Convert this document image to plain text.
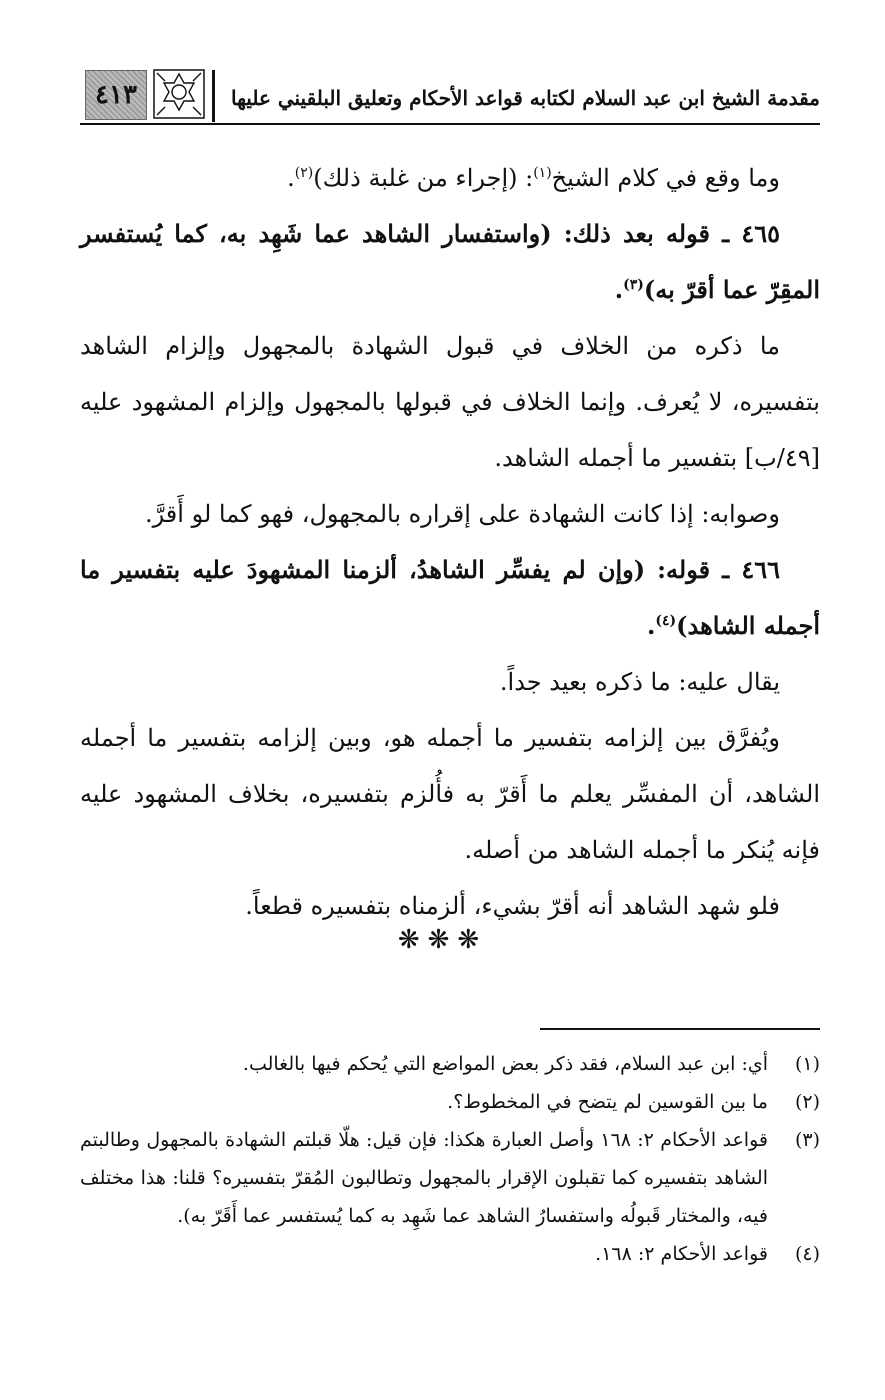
مقدمة الشيخ ابن عبد السلام لكتابه قواعد الأحكام وتعليق البلقيني عليها
٤١٣

وما وقع في كلام الشيخ$^{(١)}$: (إجراء من غلبة ذلك)$^{(٢)}$.

٤٦٥ ـ قوله بعد ذلك: (واستفسار الشاهد عما شَهِد به، كما يُستفسر المقِرّ عما أقرّ به)$^{(٣)}$.

ما ذكره من الخلاف في قبول الشهادة بالمجهول وإلزام الشاهد بتفسيره، لا يُعرف. وإنما الخلاف في قبولها بالمجهول وإلزام المشهود عليه [٤٩/ب] بتفسير ما أجمله الشاهد.

وصوابه: إذا كانت الشهادة على إقراره بالمجهول، فهو كما لو أَقرَّ.

٤٦٦ ـ قوله: (وإن لم يفسِّر الشاهدُ، ألزمنا المشهودَ عليه بتفسير ما أجمله الشاهد)$^{(٤)}$.

يقال عليه: ما ذكره بعيد جداً.

ويُفرَّق بين إلزامه بتفسير ما أجمله هو، وبين إلزامه بتفسير ما أجمله الشاهد، أن المفسِّر يعلم ما أَقرّ به فأُلزم بتفسيره، بخلاف المشهود عليه فإنه يُنكر ما أجمله الشاهد من أصله.

فلو شهد الشاهد أنه أقرّ بشيء، ألزمناه بتفسيره قطعاً.

❋❋❋
(١)
أي: ابن عبد السلام، فقد ذكر بعض المواضع التي يُحكم فيها بالغالب.
(٢)
ما بين القوسين لم يتضح في المخطوط؟.
(٣)
قواعد الأحكام ٢: ١٦٨ وأصل العبارة هكذا: فإن قيل: هلّا قبلتم الشهادة بالمجهول وطالبتم الشاهد بتفسيره كما تقبلون الإقرار بالمجهول وتطالبون المُقرّ بتفسيره؟ قلنا: هذا مختلف فيه، والمختار قَبولُه واستفسارُ الشاهد عما شَهِد به كما يُستفسر عما أَقَرّ به).
(٤)
قواعد الأحكام ٢: ١٦٨.
